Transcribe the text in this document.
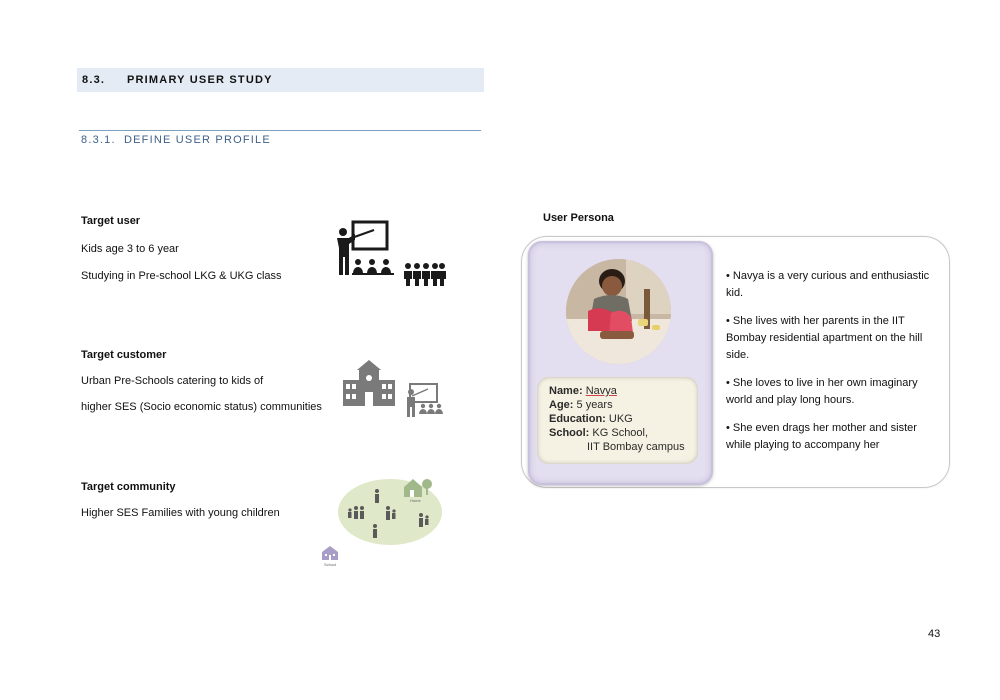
8.3.	PRIMARY USER STUDY
8.3.1. DEFINE USER PROFILE
Target user
Kids age 3 to 6 year
Studying in Pre-school LKG & UKG class
Target customer
Urban Pre-Schools catering to kids of
higher SES (Socio economic status) communities
Target community
Higher SES Families with young children
Home
School
User Persona
Name: Navya
Age: 5 years
Education: UKG
School: KG School,
IIT Bombay campus
• Navya is a very curious and enthusiastic kid.
• She lives with her parents in the IIT Bombay residential apartment on the hill side.
• She loves to live in her own imaginary world and play long hours.
• She even drags her mother and sister while playing to accompany her
43
